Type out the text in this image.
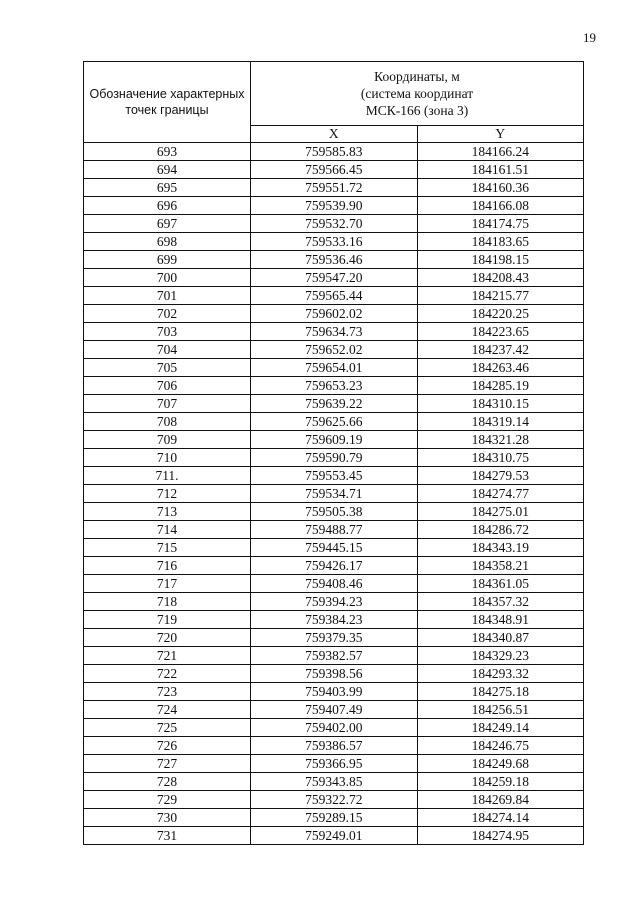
19
Обозначение характерных точек границы	Координаты, м
(система координат
МСК-166 (зона 3)	
	X	Y
693	759585.83	184166.24
694	759566.45	184161.51
695	759551.72	184160.36
696	759539.90	184166.08
697	759532.70	184174.75
698	759533.16	184183.65
699	759536.46	184198.15
700	759547.20	184208.43
701	759565.44	184215.77
702	759602.02	184220.25
703	759634.73	184223.65
704	759652.02	184237.42
705	759654.01	184263.46
706	759653.23	184285.19
707	759639.22	184310.15
708	759625.66	184319.14
709	759609.19	184321.28
710	759590.79	184310.75
711.	759553.45	184279.53
712	759534.71	184274.77
713	759505.38	184275.01
714	759488.77	184286.72
715	759445.15	184343.19
716	759426.17	184358.21
717	759408.46	184361.05
718	759394.23	184357.32
719	759384.23	184348.91
720	759379.35	184340.87
721	759382.57	184329.23
722	759398.56	184293.32
723	759403.99	184275.18
724	759407.49	184256.51
725	759402.00	184249.14
726	759386.57	184246.75
727	759366.95	184249.68
728	759343.85	184259.18
729	759322.72	184269.84
730	759289.15	184274.14
731	759249.01	184274.95
